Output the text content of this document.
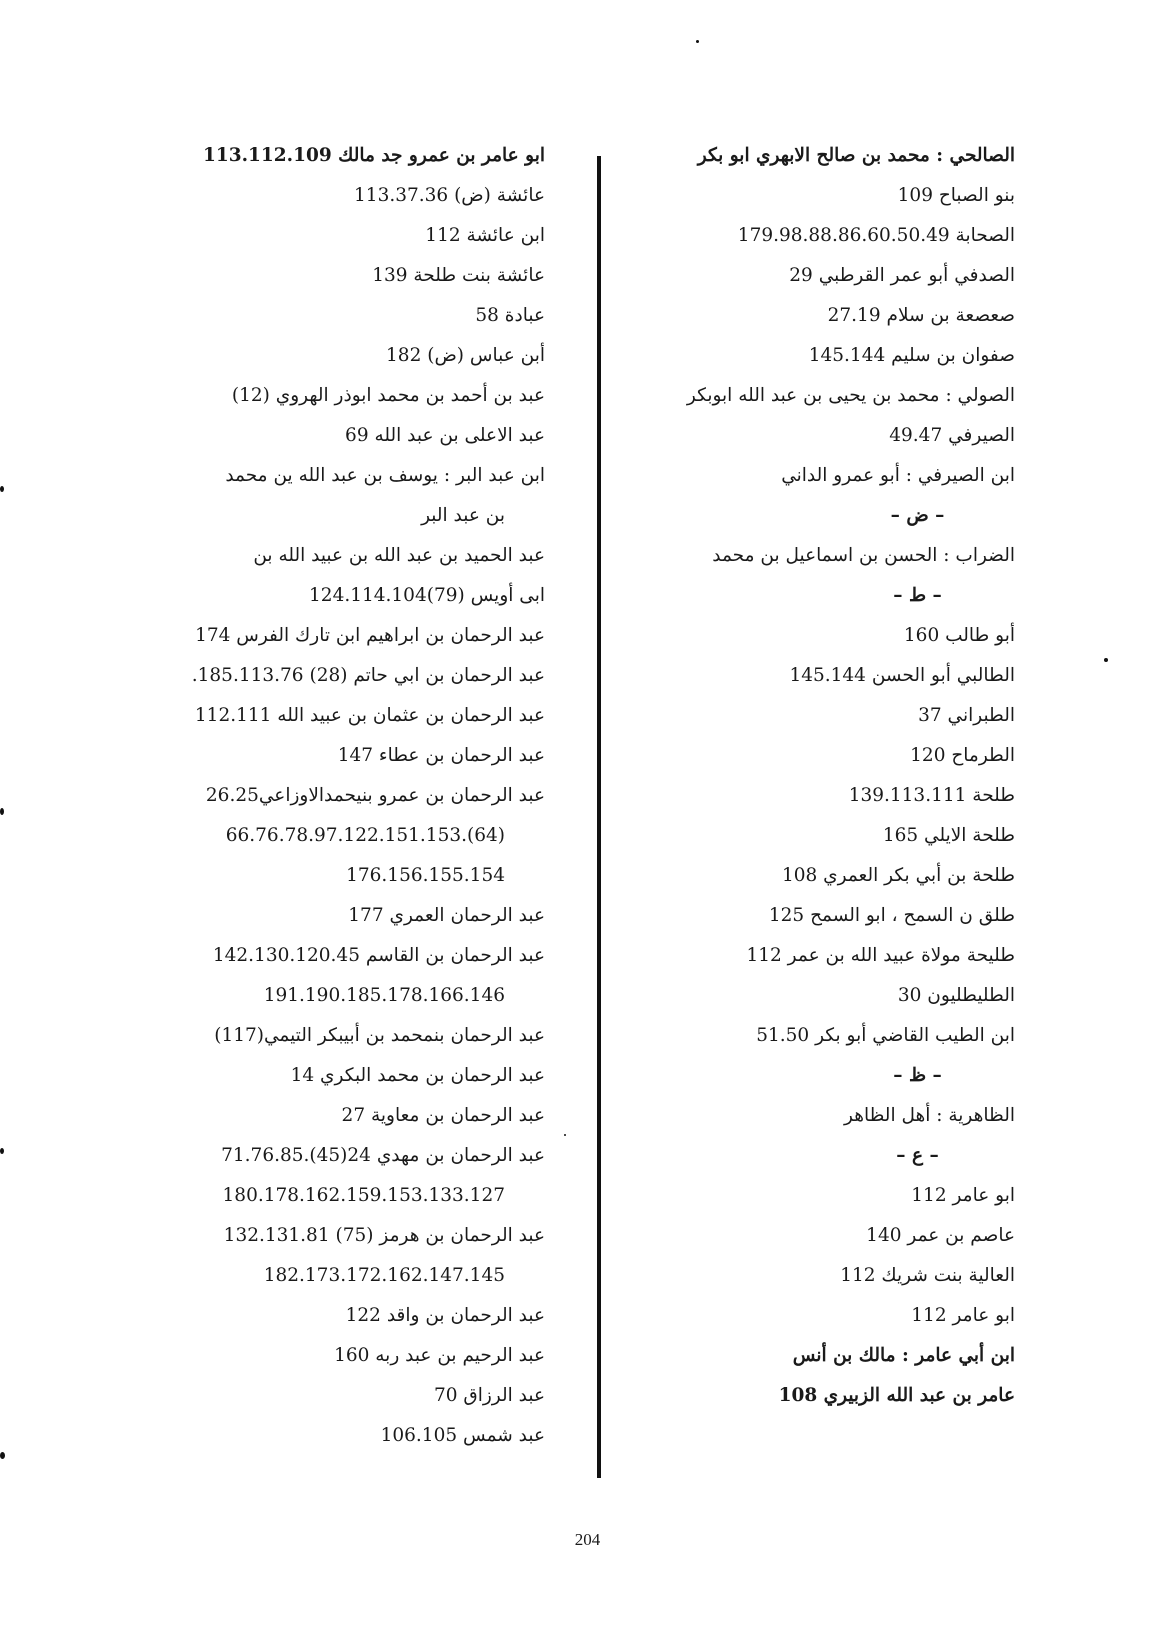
الصالحي : محمد بن صالح الابهري ابو بكر
بنو الصباح 109
الصحابة 179.98.88.86.60.50.49
الصدفي أبو عمر القرطبي 29
صعصعة بن سلام 27.19
صفوان بن سليم 145.144
الصولي : محمد بن يحيى بن عبد الله ابوبكر
الصيرفي 49.47
ابن الصيرفي : أبو عمرو الداني
– ض –
الضراب : الحسن بن اسماعيل بن محمد
– ط –
أبو طالب 160
الطالبي أبو الحسن 145.144
الطبراني 37
الطرماح 120
طلحة 139.113.111
طلحة الايلي 165
طلحة بن أبي بكر العمري 108
طلق ن السمح ، ابو السمح 125
طليحة مولاة عبيد الله بن عمر 112
الطليطليون 30
ابن الطيب القاضي أبو بكر 51.50
– ظ –
الظاهرية : أهل الظاهر
– ع –
ابو عامر 112
عاصم بن عمر 140
العالية بنت شريك 112
ابو عامر 112
ابن أبي عامر : مالك بن أنس
عامر بن عبد الله الزبيري 108
ابو عامر بن عمرو جد مالك 113.112.109
عائشة (ض) 113.37.36
ابن عائشة 112
عائشة بنت طلحة 139
عبادة 58
أبن عباس (ض) 182
عبد بن أحمد بن محمد ابوذر الهروي (12)
عبد الاعلى بن عبد الله 69
ابن عبد البر : يوسف بن عبد الله ين محمد
بن عبد البر
عبد الحميد بن عبد الله بن عبيد الله بن
ابى أويس (79)124.114.104
عبد الرحمان بن ابراهيم ابن تارك الفرس 174
عبد الرحمان بن ابي حاتم (28) 185.113.76.
عبد الرحمان بن عثمان بن عبيد الله 112.111
عبد الرحمان بن عطاء 147
عبد الرحمان بن عمرو بنيحمدالاوزاعي26.25
(64).66.76.78.97.122.151.153
176.156.155.154
عبد الرحمان العمري 177
عبد الرحمان بن القاسم 142.130.120.45
191.190.185.178.166.146
عبد الرحمان بنمحمد بن أبيبكر التيمي(117)
عبد الرحمان بن محمد البكري 14
عبد الرحمان بن معاوية 27
عبد الرحمان بن مهدي 24(45).71.76.85
180.178.162.159.153.133.127
عبد الرحمان بن هرمز (75) 132.131.81
182.173.172.162.147.145
عبد الرحمان بن واقد 122
عبد الرحيم بن عبد ربه 160
عبد الرزاق 70
عبد شمس 106.105
204
